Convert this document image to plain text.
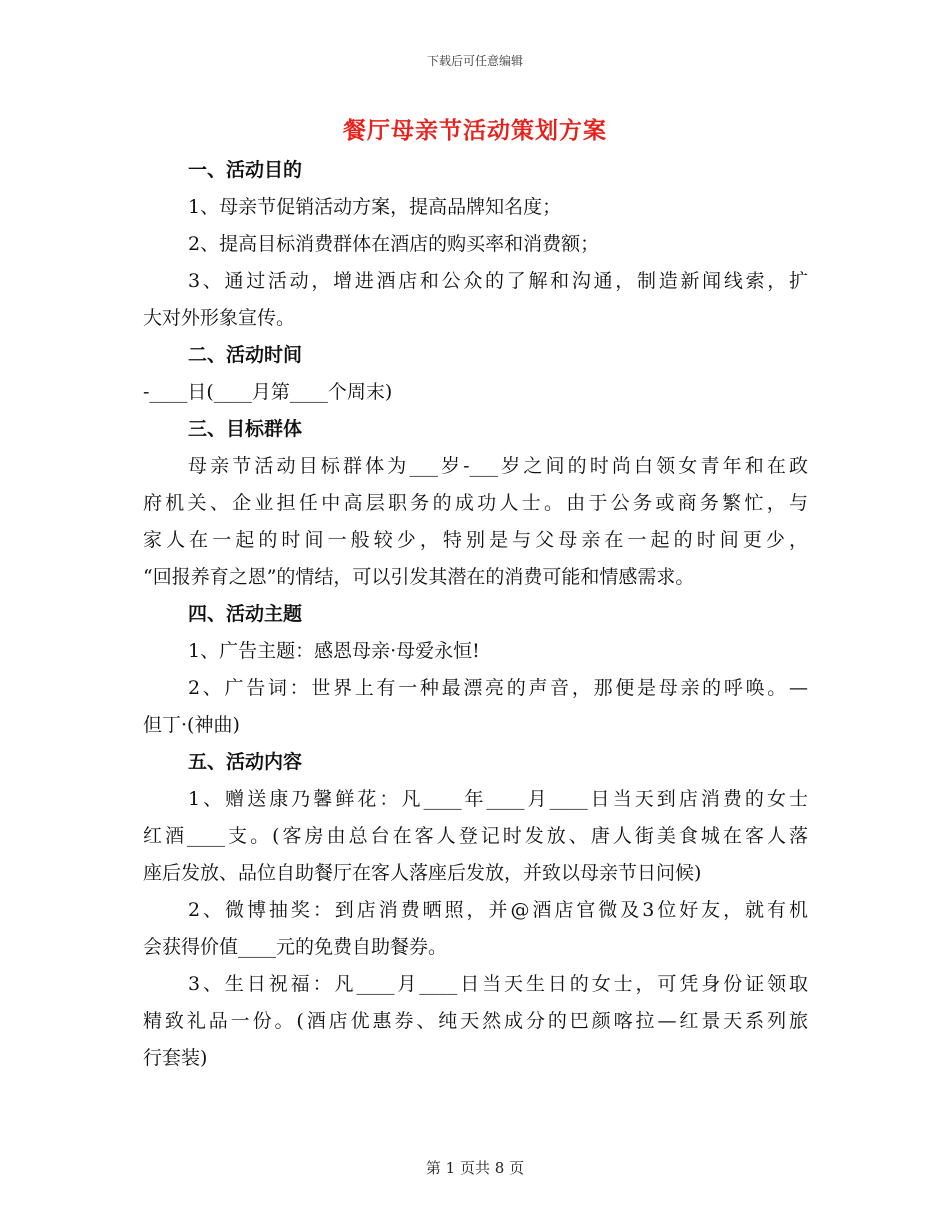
下载后可任意编辑
餐厅母亲节活动策划方案
一、活动目的
1、母亲节促销活动方案，提高品牌知名度；
2、提高目标消费群体在酒店的购买率和消费额；
3、通过活动，增进酒店和公众的了解和沟通，制造新闻线索，扩
大对外形象宣传。
二、活动时间
-____日(____月第____个周末)
三、目标群体
母亲节活动目标群体为___岁-___岁之间的时尚白领女青年和在政
府机关、企业担任中高层职务的成功人士。由于公务或商务繁忙，与
家人在一起的时间一般较少，特别是与父母亲在一起的时间更少，
“回报养育之恩”的情结，可以引发其潜在的消费可能和情感需求。
四、活动主题
1、广告主题：感恩母亲·母爱永恒!
2、广告词：世界上有一种最漂亮的声音，那便是母亲的呼唤。—
但丁·(神曲)
五、活动内容
1、赠送康乃馨鲜花：凡____年____月____日当天到店消费的女士
红酒____支。(客房由总台在客人登记时发放、唐人街美食城在客人落
座后发放、品位自助餐厅在客人落座后发放，并致以母亲节日问候)
2、微博抽奖：到店消费晒照，并@酒店官微及3位好友，就有机
会获得价值____元的免费自助餐券。
3、生日祝福：凡____月____日当天生日的女士，可凭身份证领取
精致礼品一份。(酒店优惠券、纯天然成分的巴颜喀拉—红景天系列旅
行套装)
第 1 页共 8 页
